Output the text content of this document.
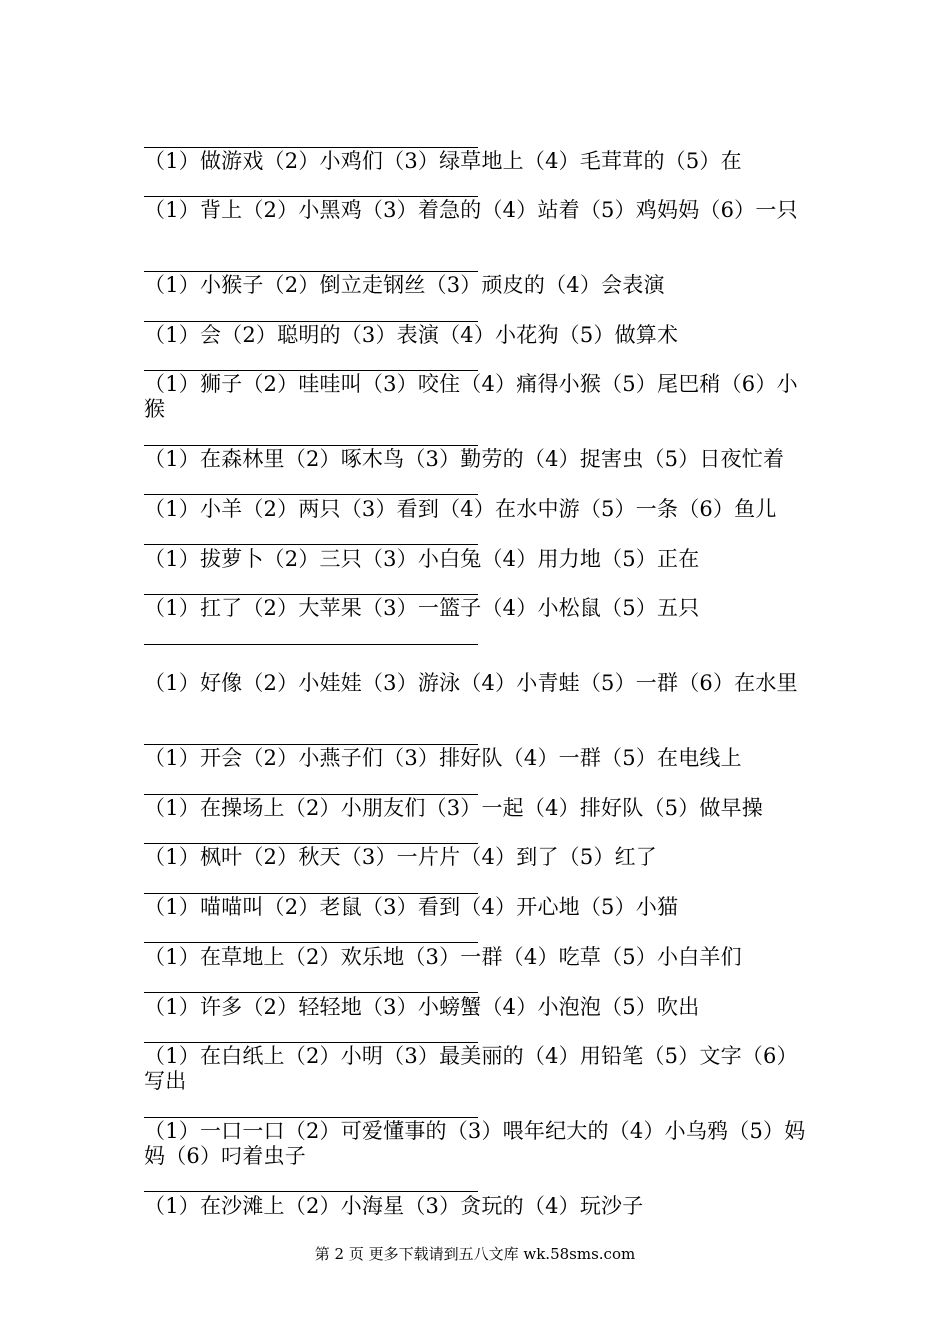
（1）做游戏（2）小鸡们（3）绿草地上（4）毛茸茸的（5）在
（1）背上（2）小黑鸡（3）着急的（4）站着（5）鸡妈妈（6）一只
（1）小猴子（2）倒立走钢丝（3）顽皮的（4）会表演
（1）会（2）聪明的（3）表演（4）小花狗（5）做算术
（1）狮子（2）哇哇叫（3）咬住（4）痛得小猴（5）尾巴稍（6）小猴
（1）在森林里（2）啄木鸟（3）勤劳的（4）捉害虫（5）日夜忙着
（1）小羊（2）两只（3）看到（4）在水中游（5）一条（6）鱼儿
（1）拔萝卜（2）三只（3）小白兔（4）用力地（5）正在
（1）扛了（2）大苹果（3）一篮子（4）小松鼠（5）五只
（1）好像（2）小娃娃（3）游泳（4）小青蛙（5）一群（6）在水里
（1）开会（2）小燕子们（3）排好队（4）一群（5）在电线上
（1）在操场上（2）小朋友们（3）一起（4）排好队（5）做早操
（1）枫叶（2）秋天（3）一片片（4）到了（5）红了
（1）喵喵叫（2）老鼠（3）看到（4）开心地（5）小猫
（1）在草地上（2）欢乐地（3）一群（4）吃草（5）小白羊们
（1）许多（2）轻轻地（3）小螃蟹（4）小泡泡（5）吹出
（1）在白纸上（2）小明（3）最美丽的（4）用铅笔（5）文字（6）写出
（1）一口一口（2）可爱懂事的（3）喂年纪大的（4）小乌鸦（5）妈妈（6）叼着虫子
（1）在沙滩上（2）小海星（3）贪玩的（4）玩沙子
第 2 页 更多下载请到五八文库 wk.58sms.com
